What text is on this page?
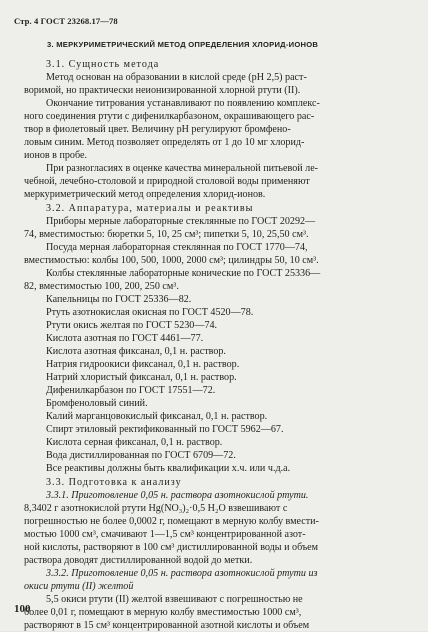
Стр. 4 ГОСТ 23268.17—78
3. МЕРКУРИМЕТРИЧЕСКИЙ МЕТОД ОПРЕДЕЛЕНИЯ ХЛОРИД-ИОНОВ
3.1. Сущность метода
Метод основан на образовании в кислой среде (pH 2,5) раст-
воримой, но практически неионизированной хлорной ртути (II).
Окончание титрования устанавливают по появлению комплекс-
ного соединения ртути с дифенилкарбазоном, окрашивающего рас-
твор в фиолетовый цвет. Величину pH регулируют бромфено-
ловым синим. Метод позволяет определять от 1 до 10 мг хлорид-
ионов в пробе.
При разногласиях в оценке качества минеральной питьевой ле-
чебной, лечебно-столовой и природной столовой воды применяют
меркуриметрический метод определения хлорид-ионов.
3.2. Аппаратура, материалы и реактивы
Приборы мерные лабораторные стеклянные по ГОСТ 20292—
74, вместимостью: бюретки 5, 10, 25 см³; пипетки 5, 10, 25,50 см³.
Посуда мерная лабораторная стеклянная по ГОСТ 1770—74,
вместимостью: колбы 100, 500, 1000, 2000 см³; цилиндры 50, 10 см³.
Колбы стеклянные лабораторные конические по ГОСТ 25336—
82, вместимостью 100, 200, 250 см³.
Капельницы по ГОСТ 25336—82.
Ртуть азотнокислая окисная по ГОСТ 4520—78.
Ртути окись желтая по ГОСТ 5230—74.
Кислота азотная по ГОСТ 4461—77.
Кислота азотная фиксанал, 0,1 н. раствор.
Натрия гидроокиси фиксанал, 0,1 н. раствор.
Натрий хлористый фиксанал, 0,1 н. раствор.
Дифенилкарбазон по ГОСТ 17551—72.
Бромфеноловый синий.
Калий марганцовокислый фиксанал, 0,1 н. раствор.
Спирт этиловый ректификованный по ГОСТ 5962—67.
Кислота серная фиксанал, 0,1 н. раствор.
Вода дистиллированная по ГОСТ 6709—72.
Все реактивы должны быть квалификации х.ч. или ч.д.а.
3.3. Подготовка к анализу
3.3.1. Приготовление 0,05 н. раствора азотнокислой ртути.
8,3402 г азотнокислой ртути Hg(NO₃)₂·0,5 H₂O взвешивают с
погрешностью не более 0,0002 г, помещают в мерную колбу вмести-
мостью 1000 см³, смачивают 1—1,5 см³ концентрированной азот-
ной кислоты, растворяют в 100 см³ дистиллированной воды и объем
раствора доводят дистиллированной водой до метки.
3.3.2. Приготовление 0,05 н. раствора азотнокислой ртути из
окиси ртути (II) желтой
5,5 окиси ртути (II) желтой взвешивают с погрешностью не
более 0,01 г, помещают в мерную колбу вместимостью 1000 см³,
растворяют в 15 см³ концентрированной азотной кислоты и объем
100
